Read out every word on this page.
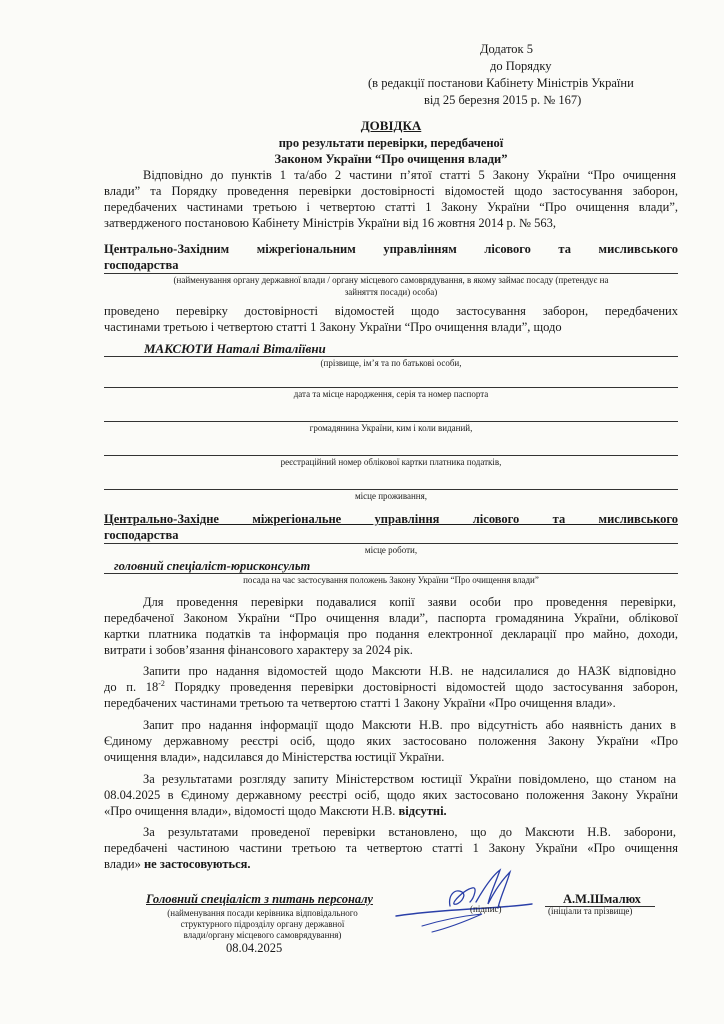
Додаток 5
до Порядку
(в редакції постанови Кабінету Міністрів України
від 25 березня 2015 р. № 167)
ДОВІДКА
про результати перевірки, передбаченої
Законом України “Про очищення влади”
Відповідно до пунктів 1 та/або 2 частини п’ятої статті 5 Закону України “Про очищення
влади” та Порядку проведення перевірки достовірності відомостей щодо застосування заборон,
передбачених частинами третьою і четвертою статті 1 Закону України “Про очищення влади”,
затвердженого постановою Кабінету Міністрів України від 16 жовтня 2014 р. № 563,
Центрально-Західним міжрегіональним управлінням лісового та мисливського
господарства
(найменування органу державної влади / органу місцевого самоврядування, в якому займає посаду (претендує на
зайняття посади) особа)
проведено перевірку достовірності відомостей щодо застосування заборон, передбачених
частинами третьою і четвертою статті 1 Закону України “Про очищення влади”, щодо
МАКСЮТИ Наталі Віталіївни
(прізвище, ім’я та по батькові особи,
дата та місце народження, серія та номер паспорта
громадянина України, ким і коли виданий,
реєстраційний номер облікової картки платника податків,
місце проживання,
Центрально-Західне міжрегіональне управління лісового та мисливського
господарства
місце роботи,
головний спеціаліст-юрисконсульт
посада на час застосування положень Закону України “Про очищення влади”
Для проведення перевірки подавалися копії заяви особи про проведення перевірки,
передбаченої Законом України “Про очищення влади”, паспорта громадянина України, облікової
картки платника податків та інформація про подання електронної декларації про майно, доходи,
витрати і зобов’язання фінансового характеру за 2024 рік.
Запити про надання відомостей щодо Максюти Н.В. не надсилалися до НАЗК відповідно
до п. $18^{-2}$ Порядку проведення перевірки достовірності відомостей щодо застосування заборон,
передбачених частинами третьою та четвертою статті 1 Закону України «Про очищення влади».
Запит про надання інформації щодо Максюти Н.В. про відсутність або наявність даних в
Єдиному державному реєстрі осіб, щодо яких застосовано положення Закону України «Про
очищення влади», надсилався до Міністерства юстиції України.
За результатами розгляду запиту Міністерством юстиції України повідомлено, що станом на
08.04.2025 в Єдиному державному реєстрі осіб, щодо яких застосовано положення Закону України
«Про очищення влади», відомості щодо Максюти Н.В. відсутні.
За результатами проведеної перевірки встановлено, що до Максюти Н.В. заборони,
передбачені частиною частини третьою та четвертою статті 1 Закону України «Про очищення
влади» не застосовуються.
Головний спеціаліст з питань персоналу
(найменування посади керівника відповідального
структурного підрозділу органу державної
влади/органу місцевого самоврядування)
08.04.2025
(підпис)
А.М.Шмалюх
(ініціали та прізвище)
